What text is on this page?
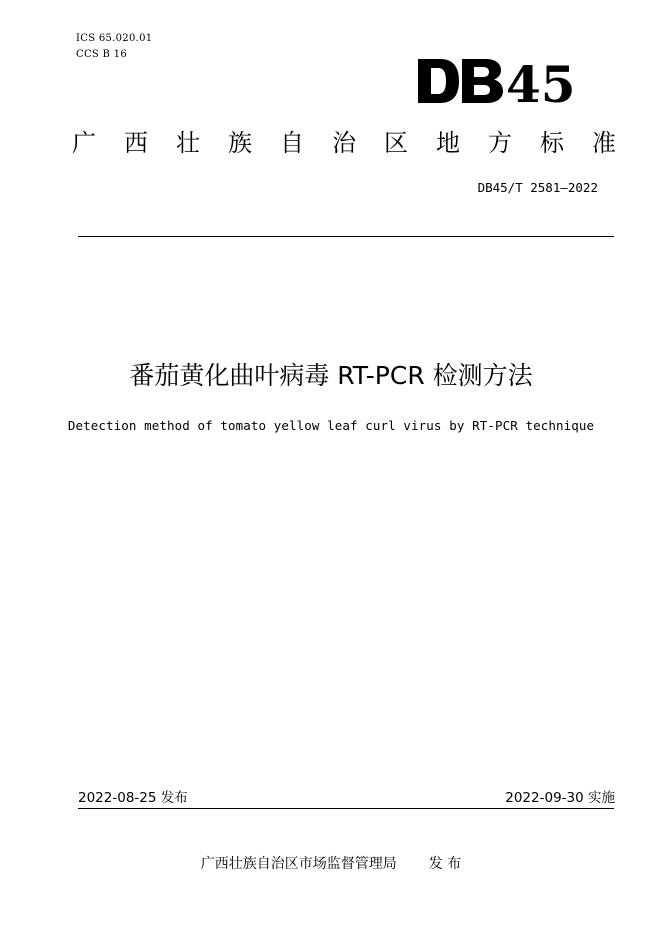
ICS 65.020.01
CCS B 16
45
广 西 壮 族 自 治 区 地 方 标 准
DB45/T 2581—2022
番茄黄化曲叶病毒 RT-PCR 检测方法
Detection method of tomato yellow leaf curl virus by RT-PCR technique
2022-08-25 发布	2022-09-30 实施
广西壮族自治区市场监督管理局 发 布
